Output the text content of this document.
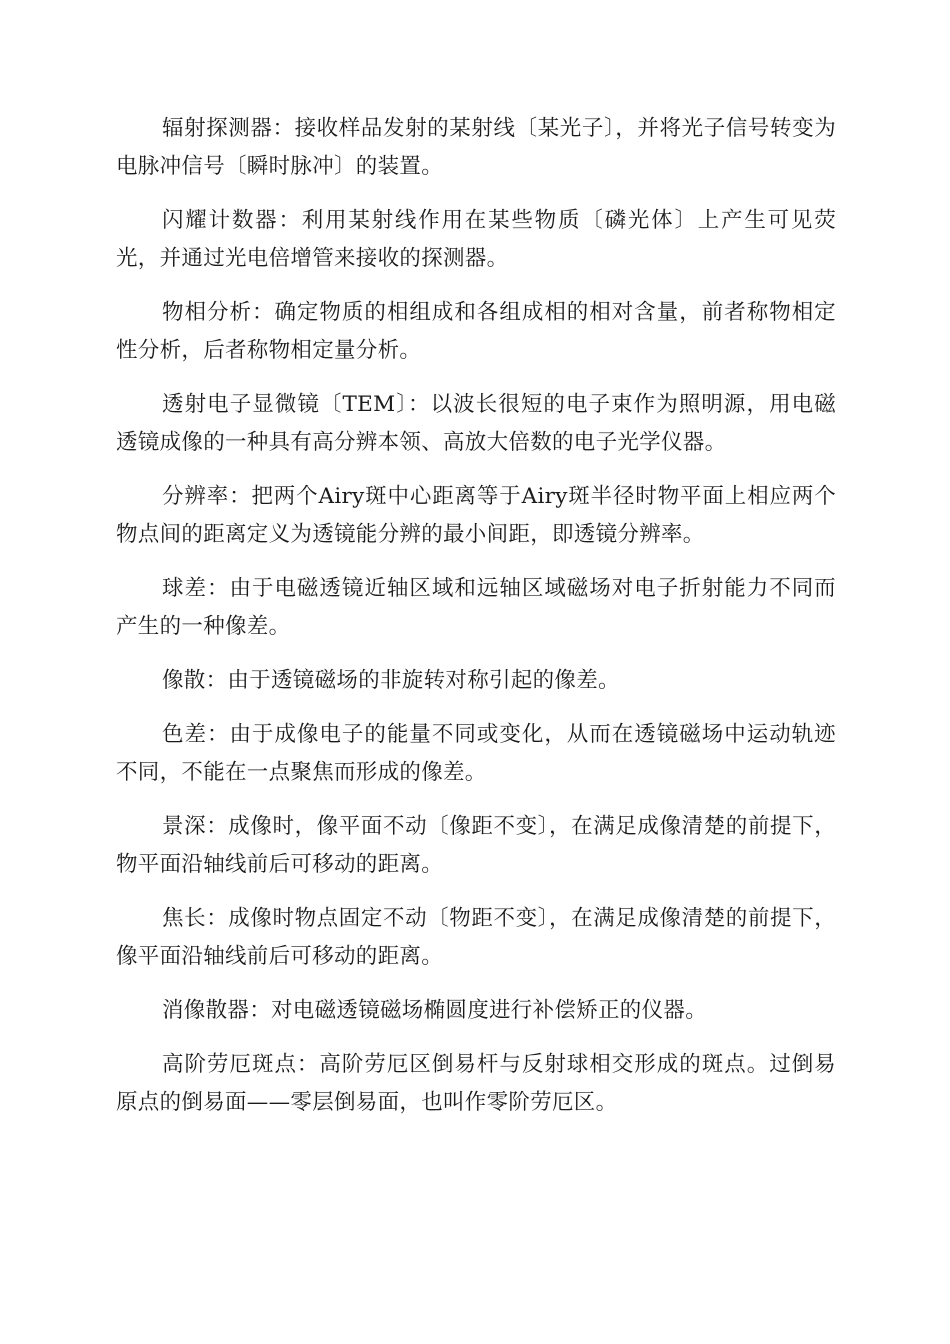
辐射探测器：接收样品发射的某射线〔某光子〕，并将光子信号转变为电脉冲信号〔瞬时脉冲〕的装置。

闪耀计数器：利用某射线作用在某些物质〔磷光体〕上产生可见荧光，并通过光电倍增管来接收的探测器。

物相分析：确定物质的相组成和各组成相的相对含量，前者称物相定性分析，后者称物相定量分析。

透射电子显微镜〔TEM〕：以波长很短的电子束作为照明源，用电磁透镜成像的一种具有高分辨本领、高放大倍数的电子光学仪器。

分辨率：把两个Airy斑中心距离等于Airy斑半径时物平面上相应两个物点间的距离定义为透镜能分辨的最小间距，即透镜分辨率。

球差：由于电磁透镜近轴区域和远轴区域磁场对电子折射能力不同而产生的一种像差。

像散：由于透镜磁场的非旋转对称引起的像差。

色差：由于成像电子的能量不同或变化，从而在透镜磁场中运动轨迹不同，不能在一点聚焦而形成的像差。

景深：成像时，像平面不动〔像距不变〕，在满足成像清楚的前提下，物平面沿轴线前后可移动的距离。

焦长：成像时物点固定不动〔物距不变〕，在满足成像清楚的前提下，像平面沿轴线前后可移动的距离。

消像散器：对电磁透镜磁场椭圆度进行补偿矫正的仪器。

高阶劳厄斑点：高阶劳厄区倒易杆与反射球相交形成的斑点。过倒易原点的倒易面——零层倒易面，也叫作零阶劳厄区。
